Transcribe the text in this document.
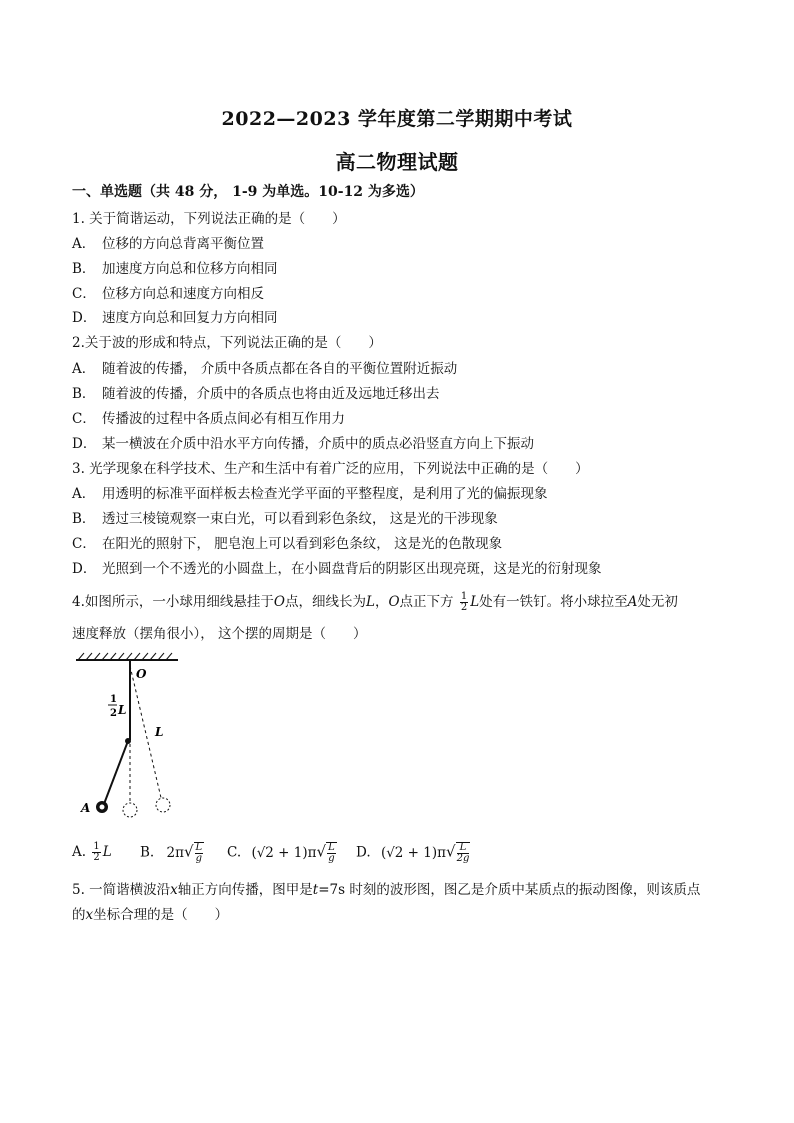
2022—2023 学年度第二学期期中考试
高二物理试题
一、单选题（共 48 分， 1-9 为单选。10-12 为多选）
1. 关于简谐运动，下列说法正确的是（　　）
A． 位移的方向总背离平衡位置
B． 加速度方向总和位移方向相同
C． 位移方向总和速度方向相反
D． 速度方向总和回复力方向相同
2.关于波的形成和特点，下列说法正确的是（　　）
A． 随着波的传播， 介质中各质点都在各自的平衡位置附近振动
B． 随着波的传播，介质中的各质点也将由近及远地迁移出去
C． 传播波的过程中各质点间必有相互作用力
D． 某一横波在介质中沿水平方向传播，介质中的质点必沿竖直方向上下振动
3. 光学现象在科学技术、生产和生活中有着广泛的应用，下列说法中正确的是（　　）
A． 用透明的标准平面样板去检查光学平面的平整程度，是利用了光的偏振现象
B． 透过三棱镜观察一束白光，可以看到彩色条纹， 这是光的干涉现象
C． 在阳光的照射下， 肥皂泡上可以看到彩色条纹， 这是光的色散现象
D． 光照到一个不透光的小圆盘上，在小圆盘背后的阴影区出现亮斑，这是光的衍射现象
4.如图所示，一小球用细线悬挂于O点，细线长为L，O点正下方 $\frac{1}{2}$ L处有一铁钉。将小球拉至A处无初
速度释放（摆角很小）， 这个摆的周期是（　　）
O
1
2 L
L
A
A. $\frac{1}{2}$ L B. $2\pi√ \frac{L}{g} C$. $(√2 + 1)\pi√ \frac{L}{g} D$. $(√2 + 1)\pi√ \frac{L}{2g}$
5. 一简谐横波沿x轴正方向传播，图甲是t=7s 时刻的波形图，图乙是介质中某质点的振动图像，则该质点
的x坐标合理的是（　　）
